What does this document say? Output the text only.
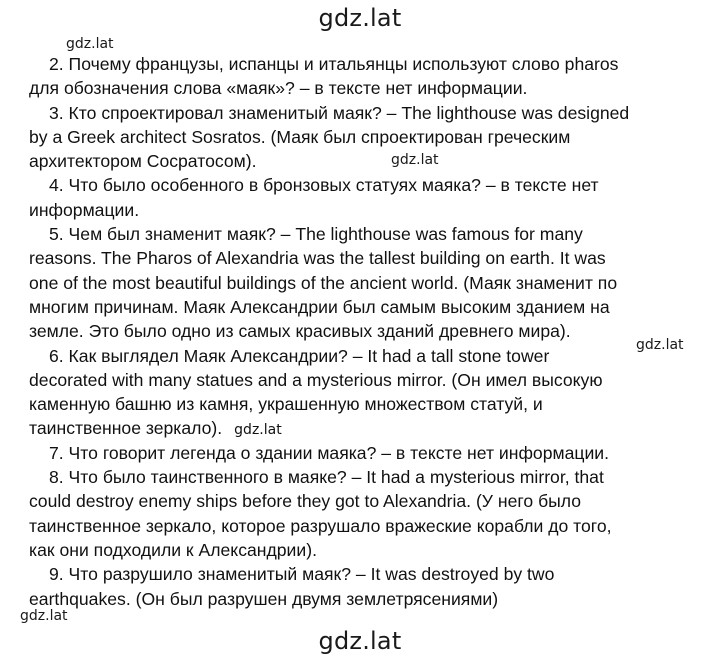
gdz.lat
gdz.lat
gdz.lat
gdz.lat
gdz.lat
2. Почему французы, испанцы и итальянцы используют слово pharos
для обозначения слова «маяк»? – в тексте нет информации.
3. Кто спроектировал знаменитый маяк? – The lighthouse was designed
by a Greek architect Sosratos. (Маяк был спроектирован греческим
архитектором Сосратосом).
4. Что было особенного в бронзовых статуях маяка? – в тексте нет
информации.
5. Чем был знаменит маяк? – The lighthouse was famous for many
reasons. The Pharos of Alexandria was the tallest building on earth. It was
one of the most beautiful buildings of the ancient world. (Маяк знаменит по
многим причинам. Маяк Александрии был самым высоким зданием на
земле. Это было одно из самых красивых зданий древнего мира).
6. Как выглядел Маяк Александрии? – It had a tall stone tower
decorated with many statues and a mysterious mirror. (Он имел высокую
каменную башню из камня, украшенную множеством статуй, и
таинственное зеркало). gdz.lat
7. Что говорит легенда о здании маяка? – в тексте нет информации.
8. Что было таинственного в маяке? – It had a mysterious mirror, that
could destroy enemy ships before they got to Alexandria. (У него было
таинственное зеркало, которое разрушало вражеские корабли до того,
как они подходили к Александрии).
9. Что разрушило знаменитый маяк? – It was destroyed by two
earthquakes. (Он был разрушен двумя землетрясениями)
gdz.lat
